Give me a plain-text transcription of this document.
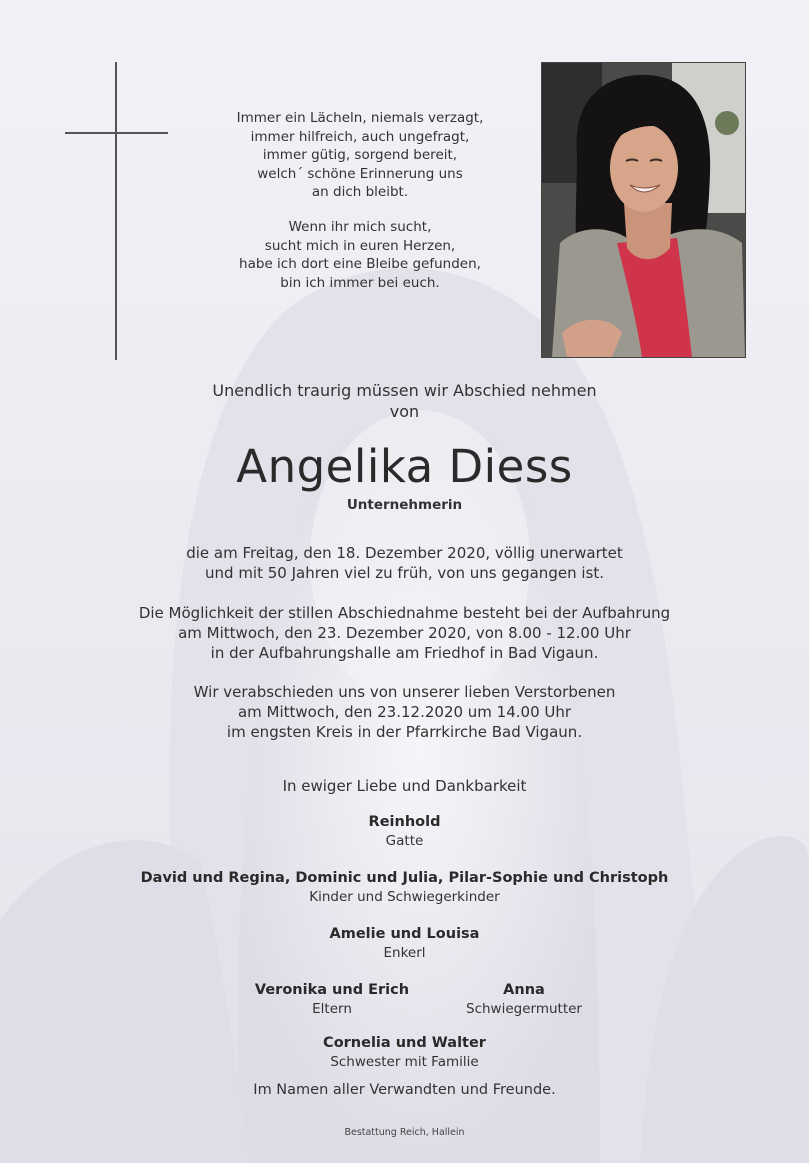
Immer ein Lächeln, niemals verzagt,
immer hilfreich, auch ungefragt,
immer gütig, sorgend bereit,
welch´ schöne Erinnerung uns
an dich bleibt.
Wenn ihr mich sucht,
sucht mich in euren Herzen,
habe ich dort eine Bleibe gefunden,
bin ich immer bei euch.
Unendlich traurig müssen wir Abschied nehmen
von
Angelika Diess
Unternehmerin
die am Freitag, den 18. Dezember 2020, völlig unerwartet
und mit 50 Jahren viel zu früh, von uns gegangen ist.
Die Möglichkeit der stillen Abschiednahme besteht bei der Aufbahrung
am Mittwoch, den 23. Dezember 2020, von 8.00 - 12.00 Uhr
in der Aufbahrungshalle am Friedhof in Bad Vigaun.
Wir verabschieden uns von unserer lieben Verstorbenen
am Mittwoch, den 23.12.2020 um 14.00 Uhr
im engsten Kreis in der Pfarrkirche Bad Vigaun.
In ewiger Liebe und Dankbarkeit
Reinhold
Gatte
David und Regina, Dominic und Julia, Pilar-Sophie und Christoph
Kinder und Schwiegerkinder
Amelie und Louisa
Enkerl
Veronika und Erich
Eltern
Anna
Schwiegermutter
Cornelia und Walter
Schwester mit Familie
Im Namen aller Verwandten und Freunde.
Bestattung Reich, Hallein
